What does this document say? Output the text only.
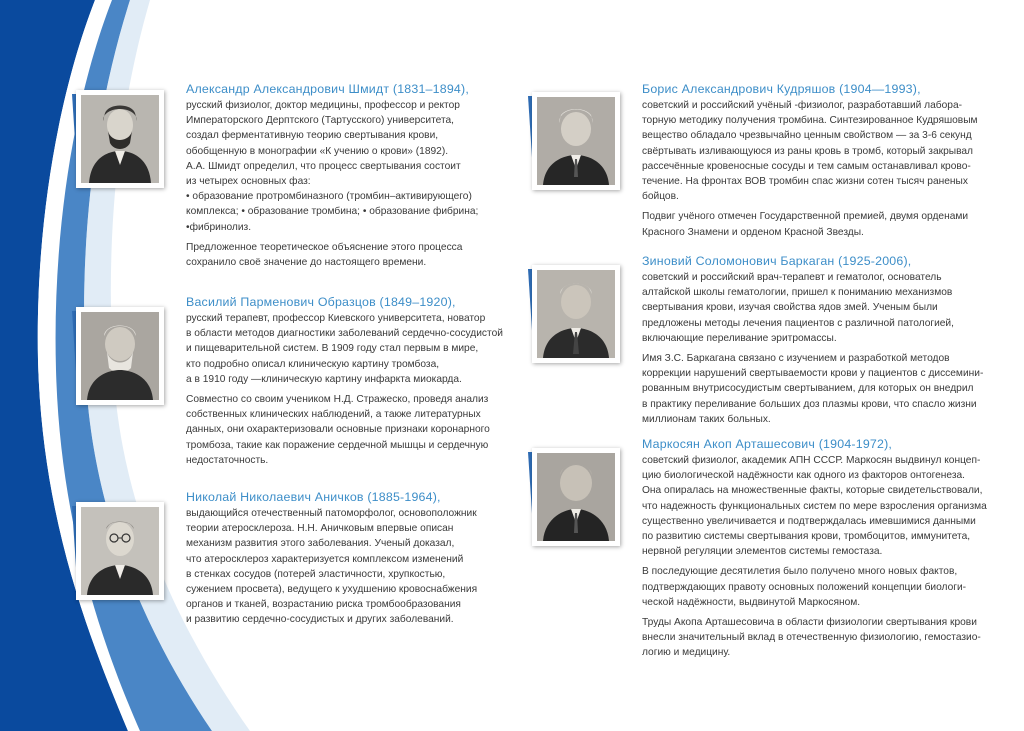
Александр Александрович Шмидт (1831–1894),

русский физиолог, доктор медицины, профессор и ректор
Императорского Дерптского (Тартусского) университета,
создал ферментативную теорию свертывания крови,
обобщенную в монографии «К учению о крови» (1892).
А.А. Шмидт определил, что процесс свертывания состоит
из четырех основных фаз:
• образование протромбиназного (тромбин–активирующего)
комплекса; • образование тромбина; • образование фибрина;
•фибринолиз.

Предложенное теоретическое объяснение этого процесса
сохранило своё значение до настоящего времени.

Василий Парменович Образцов (1849–1920),

русский терапевт, профессор Киевского университета, новатор
в области методов диагностики заболеваний сердечно-сосудистой
и пищеварительной систем. В 1909 году стал первым в мире,
кто подробно описал клиническую картину тромбоза,
а в 1910 году —клиническую картину инфаркта миокарда.

Совместно со своим учеником Н.Д. Стражеско, проведя анализ
собственных клинических наблюдений, а также литературных
данных, они охарактеризовали основные признаки коронарного
тромбоза, такие как поражение сердечной мышцы и сердечную
недостаточность.

Николай Николаевич Аничков (1885-1964),

выдающийся отечественный патоморфолог, основоположник
теории атеросклероза. Н.Н. Аничковым впервые описан
механизм развития этого заболевания. Ученый доказал,
что атеросклероз характеризуется комплексом изменений
в стенках сосудов (потерей эластичности, хрупкостью,
сужением просвета), ведущего к ухудшению кровоснабжения
органов и тканей, возрастанию риска тромбообразования
и развитию сердечно-сосудистых и других заболеваний.

Борис Александрович Кудряшов (1904—1993),

советский и российский учёный -физиолог, разработавший лабора-
торную методику получения тромбина. Синтезированное Кудряшовым
вещество обладало чрезвычайно ценным свойством — за 3-6 секунд
свёртывать изливающуюся из раны кровь в тромб, который закрывал
рассечённые кровеносные сосуды и тем самым останавливал крово-
течение. На фронтах ВОВ тромбин спас жизни сотен тысяч раненых
бойцов.

Подвиг учёного отмечен Государственной премией, двумя орденами
Красного Знамени и орденом Красной Звезды.

Зиновий Соломонович Баркаган (1925-2006),

советский и российский врач-терапевт и гематолог, основатель
алтайской школы гематологии, пришел к пониманию механизмов
свертывания крови, изучая свойства ядов змей. Ученым были
предложены методы лечения пациентов с различной патологией,
включающие переливание эритромассы.

Имя З.С. Баркагана связано с изучением и разработкой методов
коррекции нарушений свертываемости крови у пациентов с диссемини-
рованным внутрисосудистым свертыванием, для которых он внедрил
в практику переливание больших доз плазмы крови, что спасло жизни
миллионам таких больных.

Маркосян Акоп Арташесович (1904-1972),

советский физиолог, академик АПН СССР. Маркосян выдвинул концеп-
цию биологической надёжности как одного из факторов онтогенеза.
Она опиралась на множественные факты, которые свидетельствовали,
что надежность функциональных систем по мере взросления организма
существенно увеличивается и подтверждалась имевшимися данными
по развитию системы свертывания крови, тромбоцитов, иммунитета,
нервной регуляции элементов системы гемостаза.

В последующие десятилетия было получено много новых фактов,
подтверждающих правоту основных положений концепции биологи-
ческой надёжности, выдвинутой Маркосяном.

Труды Акопа Арташесовича в области физиологии свертывания крови
внесли значительный вклад в отечественную физиологию, гемостазио-
логию и медицину.
